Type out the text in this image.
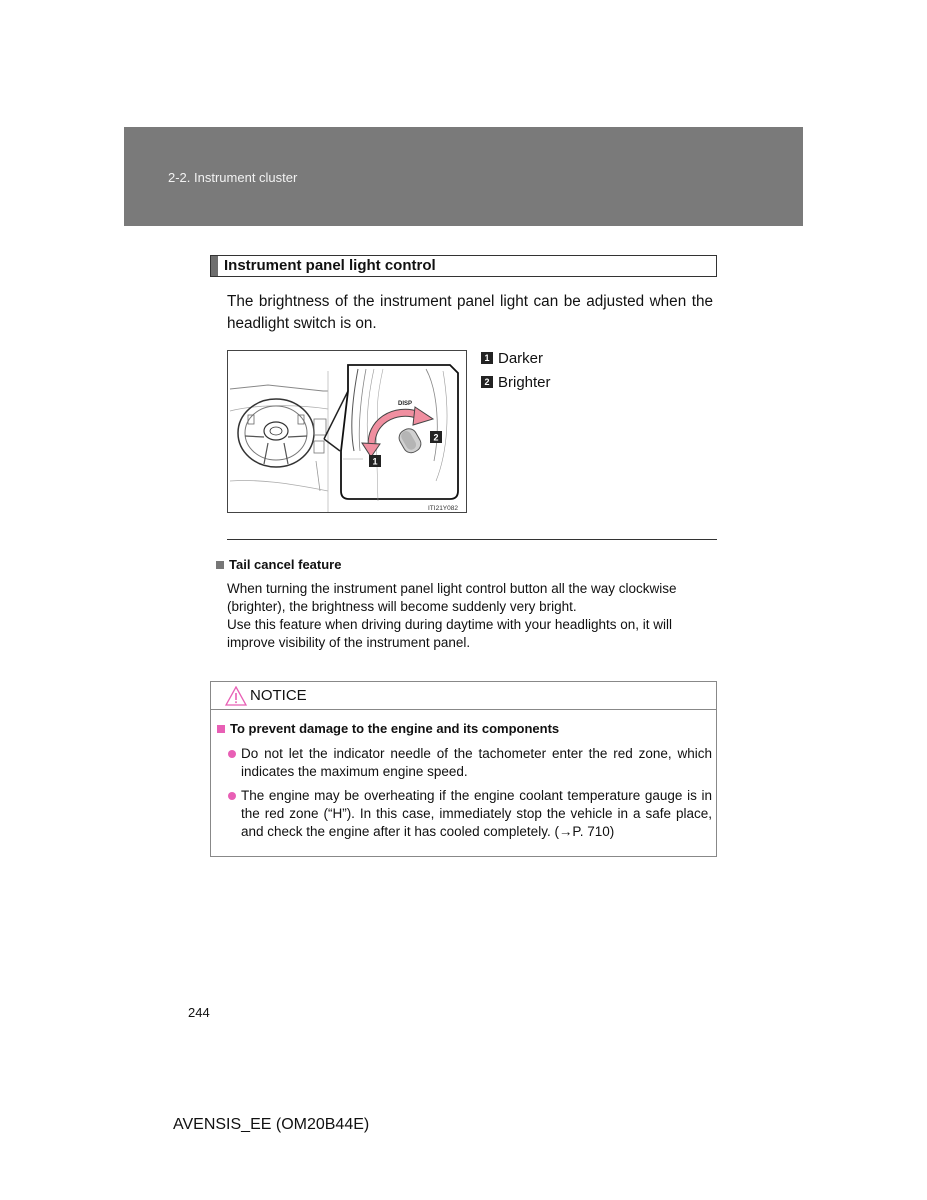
2-2. Instrument cluster
Instrument panel light control
The brightness of the instrument panel light can be adjusted when the headlight switch is on.
DISP
1
2
ITI21Y082
1 Darker
2 Brighter
Tail cancel feature
When turning the instrument panel light control button all the way clockwise (brighter), the brightness will become suddenly very bright.
Use this feature when driving during daytime with your headlights on, it will improve visibility of the instrument panel.
NOTICE
To prevent damage to the engine and its components
Do not let the indicator needle of the tachometer enter the red zone, which indicates the maximum engine speed.
The engine may be overheating if the engine coolant temperature gauge is in the red zone (“H”). In this case, immediately stop the vehicle in a safe place, and check the engine after it has cooled completely. (→P. 710)
244
AVENSIS_EE (OM20B44E)
